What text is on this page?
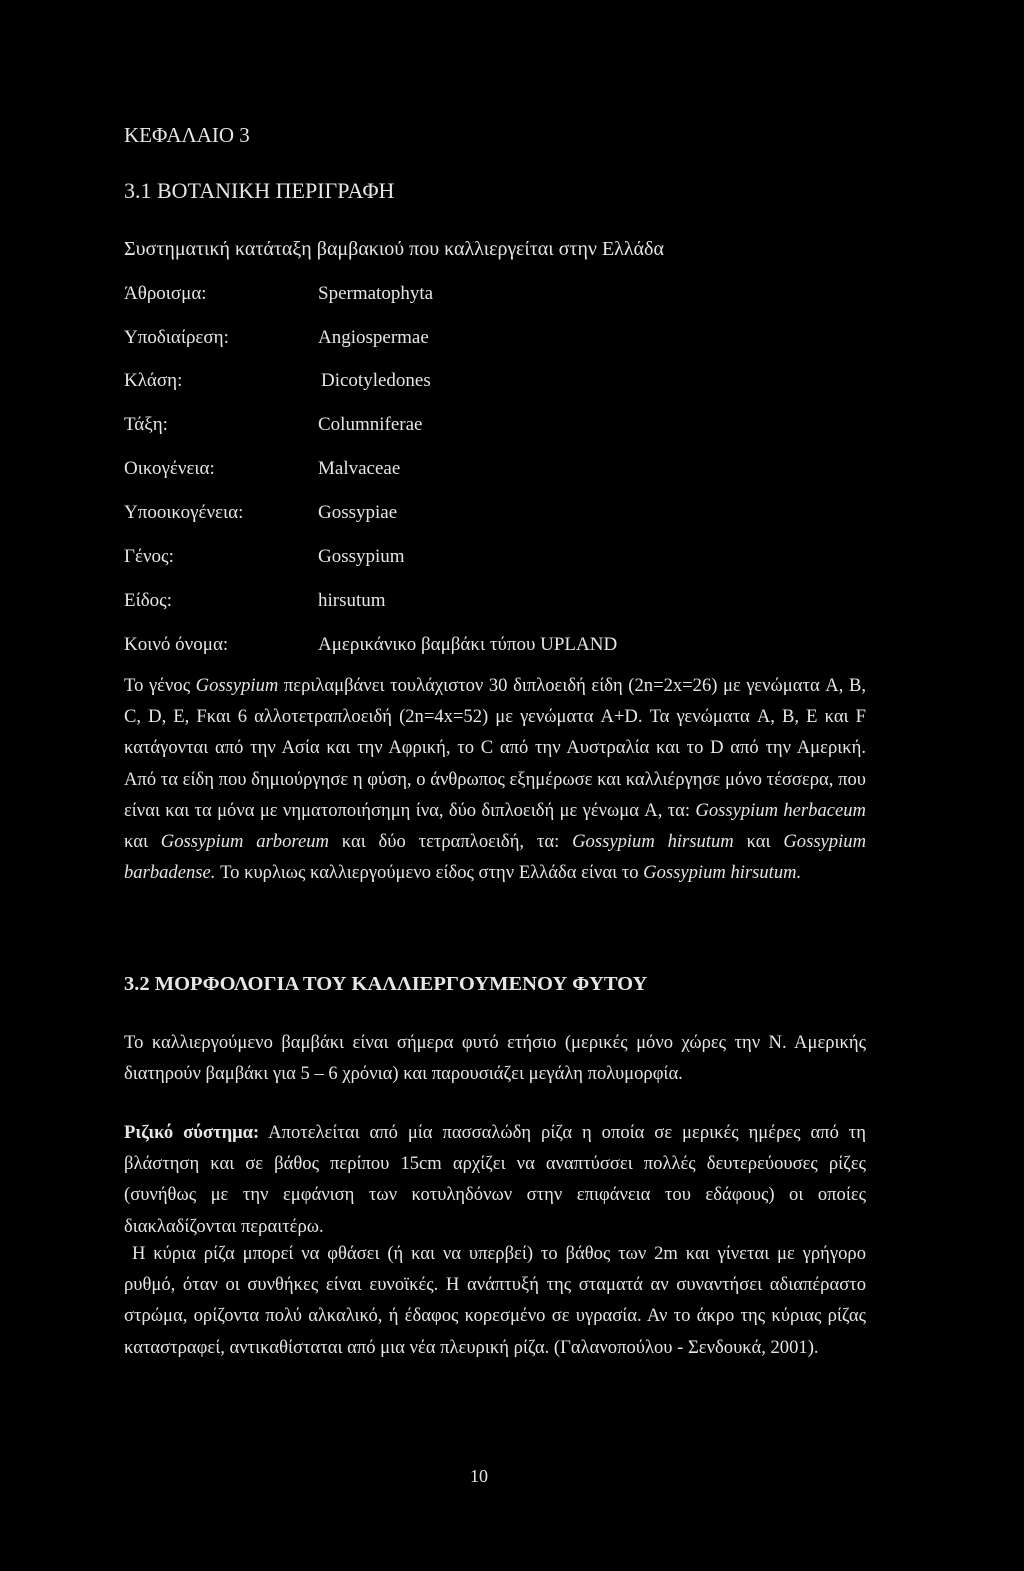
ΚΕΦΑΛΑΙΟ 3
3.1 ΒΟΤΑΝΙΚΗ ΠΕΡΙΓΡΑΦΗ
Συστηματική κατάταξη βαμβακιού που καλλιεργείται στην Ελλάδα
Άθροισμα:	Spermatophyta
Υποδιαίρεση:	Angiospermae
Κλάση:	Dicotyledones
Τάξη:	Columniferae
Οικογένεια:	Malvaceae
Υποοικογένεια:	Gossypiae
Γένος:	Gossypium
Είδος:	hirsutum
Κοινό όνομα:	Αμερικάνικο βαμβάκι τύπου UPLAND
Το γένος Gossypium περιλαμβάνει τουλάχιστον 30 διπλοειδή είδη (2n=2x=26) με γενώματα A, B, C, D, E, Fκαι 6 αλλοτετραπλοειδή (2n=4x=52) με γενώματα A+D. Τα γενώματα A, B, E και F κατάγονται από την Ασία και την Αφρική, το C από την Αυστραλία και το D από την Αμερική. Από τα είδη που δημιούργησε η φύση, ο άνθρωπος εξημέρωσε και καλλιέργησε μόνο τέσσερα, που είναι και τα μόνα με νηματοποιήσημη ίνα, δύο διπλοειδή με γένωμα A, τα: Gossypium herbaceum και Gossypium arboreum και δύο τετραπλοειδή, τα: Gossypium hirsutum και Gossypium barbadense. Το κυρλιως καλλιεργούμενο είδος στην Ελλάδα είναι το Gossypium hirsutum.
3.2 ΜΟΡΦΟΛΟΓΙΑ ΤΟΥ ΚΑΛΛΙΕΡΓΟΥΜΕΝΟΥ ΦΥΤΟΥ
Το καλλιεργούμενο βαμβάκι είναι σήμερα φυτό ετήσιο (μερικές μόνο χώρες την Ν. Αμερικής διατηρούν βαμβάκι για 5 – 6 χρόνια) και παρουσιάζει μεγάλη πολυμορφία.
Ριζικό σύστημα: Αποτελείται από μία πασσαλώδη ρίζα η οποία σε μερικές ημέρες από τη βλάστηση και σε βάθος περίπου 15cm αρχίζει να αναπτύσσει πολλές δευτερεύουσες ρίζες (συνήθως με την εμφάνιση των κοτυληδόνων στην επιφάνεια του εδάφους) οι οποίες διακλαδίζονται περαιτέρω.
Η κύρια ρίζα μπορεί να φθάσει (ή και να υπερβεί) το βάθος των 2m και γίνεται με γρήγορο ρυθμό, όταν οι συνθήκες είναι ευνοϊκές. Η ανάπτυξή της σταματά αν συναντήσει αδιαπέραστο στρώμα, ορίζοντα πολύ αλκαλικό, ή έδαφος κορεσμένο σε υγρασία. Αν το άκρο της κύριας ρίζας καταστραφεί, αντικαθίσταται από μια νέα πλευρική ρίζα. (Γαλανοπούλου - Σενδουκά, 2001).
10
